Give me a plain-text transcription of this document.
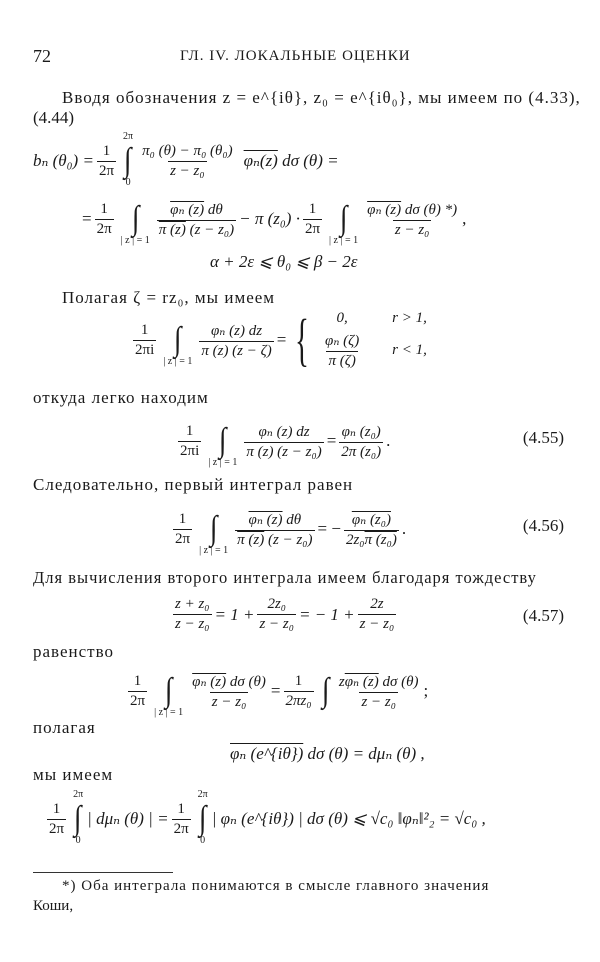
72	ГЛ. IV. ЛОКАЛЬНЫЕ ОЦЕНКИ
Вводя обозначения z = e^{iθ}, z₀ = e^{iθ₀}, мы имеем по (4.33),
(4.44)
bₙ $(\theta_0) = \frac{1}{2\pi}$
2π
∫
0
$\frac{\text{π₀ (θ) − π₀ (θ₀)}}{\text{z − z₀}} \varphi_n(z)$
dσ (θ) =
= $\frac{1}{2\pi}$ ∫
| z | = 1
$\frac{\text{φₙ (z) dθ}}{\text{π (z) (z − z₀)}} - \pi$ $(z_0) \cdot \frac{1}{2\pi}$ ∫
| z | = 1
$\frac{\text{φₙ (z) dσ (θ) *)}}{\text{z − z₀}}$ ,
α + 2ε ⩽ θ₀ ⩽ β − 2ε
Полагая ζ = rz₀, мы имеем
$\frac{1}{2\pi i}$ ∫
| z | = 1
$\frac{\text{φₙ (z) dz}}{\pi (z) (z - \zeta)}$ = {	0,	r > 1,
$\frac{\text{φₙ (ζ)}}{\pi (\zeta)}$ r < 1,
откуда легко находим
$\frac{1}{2\pi i}$ ∫
| z | = 1
$\frac{\text{φₙ (z) dz}}{\text{π (z) (z − z₀)}} = \frac{\text{φₙ (z₀)}}{\text{2π (z₀)}}$ .	(4.55)
Следовательно, первый интеграл равен
$\frac{1}{2\pi}$ ∫
| z | = 1
$\frac{\text{φₙ (z) dθ}}{\text{π (z) (z − z₀)}}$ = − $\frac{\text{φₙ (z₀)}}{\text{2z₀π (z₀)}}$ .	(4.56)
Для вычисления второго интеграла имеем благодаря тождеству
$\frac{\text{z + z₀}}{\text{z − z₀}} = 1 + \frac{\text{2z₀}}{\text{z − z₀}}$ = − $1 + \frac{2z}{\text{z − z₀}}$	(4.57)
равенство
$\frac{1}{2\pi}$ ∫
| z | = 1
$\frac{\text{φₙ (z) dσ (θ)}}{\text{z − z₀}} = \frac{1}{\text{2πz₀}}$ ∫ $\frac{\text{zφₙ (z) dσ (θ)}}{\text{z − z₀}}$ ;
полагая
φₙ (e^{iθ})
dσ (θ) = dμₙ (θ) ,
мы имеем
$\frac{1}{2\pi}$
2π
∫
0
| dμₙ (θ) | = $\frac{1}{2\pi}$
2π
∫
0
| φₙ (e^{iθ}) | dσ (θ) ⩽ √c₀ ‖φₙ‖²₂ = √c₀ ,
*) Оба интеграла понимаются в смысле главного значения
Коши,
